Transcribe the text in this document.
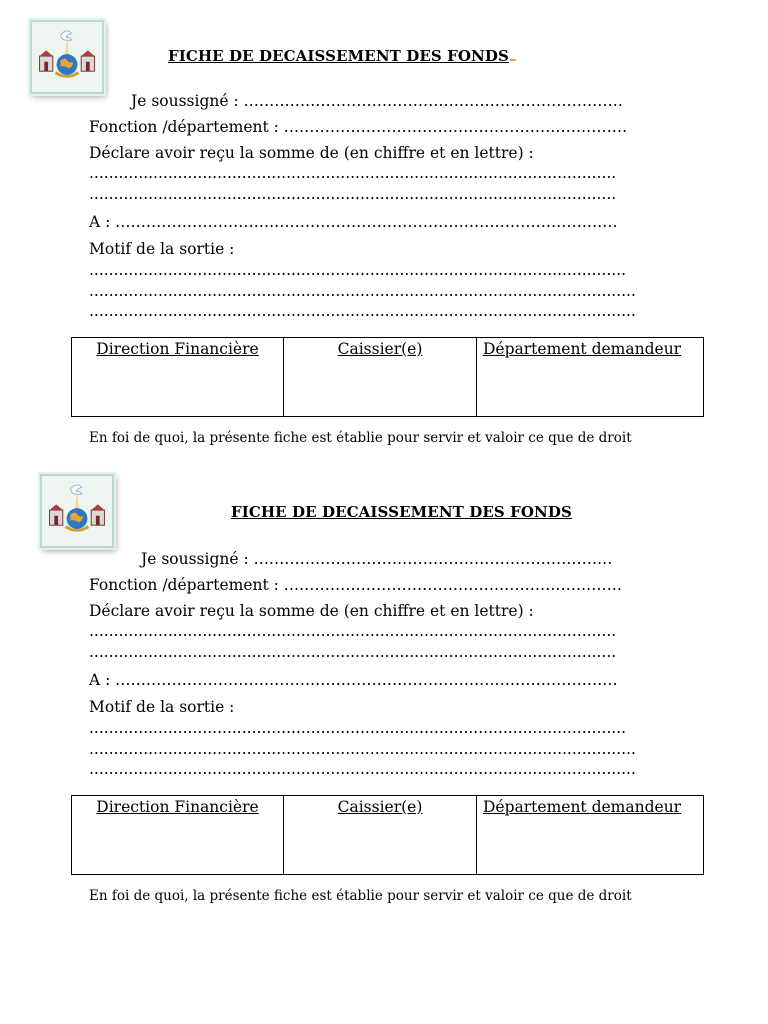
FICHE DE DECAISSEMENT DES FONDS
Je soussigné : ..........................................................................
Fonction /département : ...................................................................
Déclare avoir reçu la somme de (en chiffre et en lettre) :
...........................................................................................................
...........................................................................................................
A : ..................................................................................................
Motif de la sortie :
.............................................................................................................
...............................................................................................................
...............................................................................................................
Direction Financière	Caissier(e)	Département demandeur
En foi de quoi, la présente fiche est établie pour servir et valoir ce que de droit
FICHE DE DECAISSEMENT DES FONDS
Je soussigné : ......................................................................
Fonction /département : ..................................................................
Déclare avoir reçu la somme de (en chiffre et en lettre) :
...........................................................................................................
...........................................................................................................
A : ..................................................................................................
Motif de la sortie :
.............................................................................................................
...............................................................................................................
...............................................................................................................
Direction Financière	Caissier(e)	Département demandeur
En foi de quoi, la présente fiche est établie pour servir et valoir ce que de droit
